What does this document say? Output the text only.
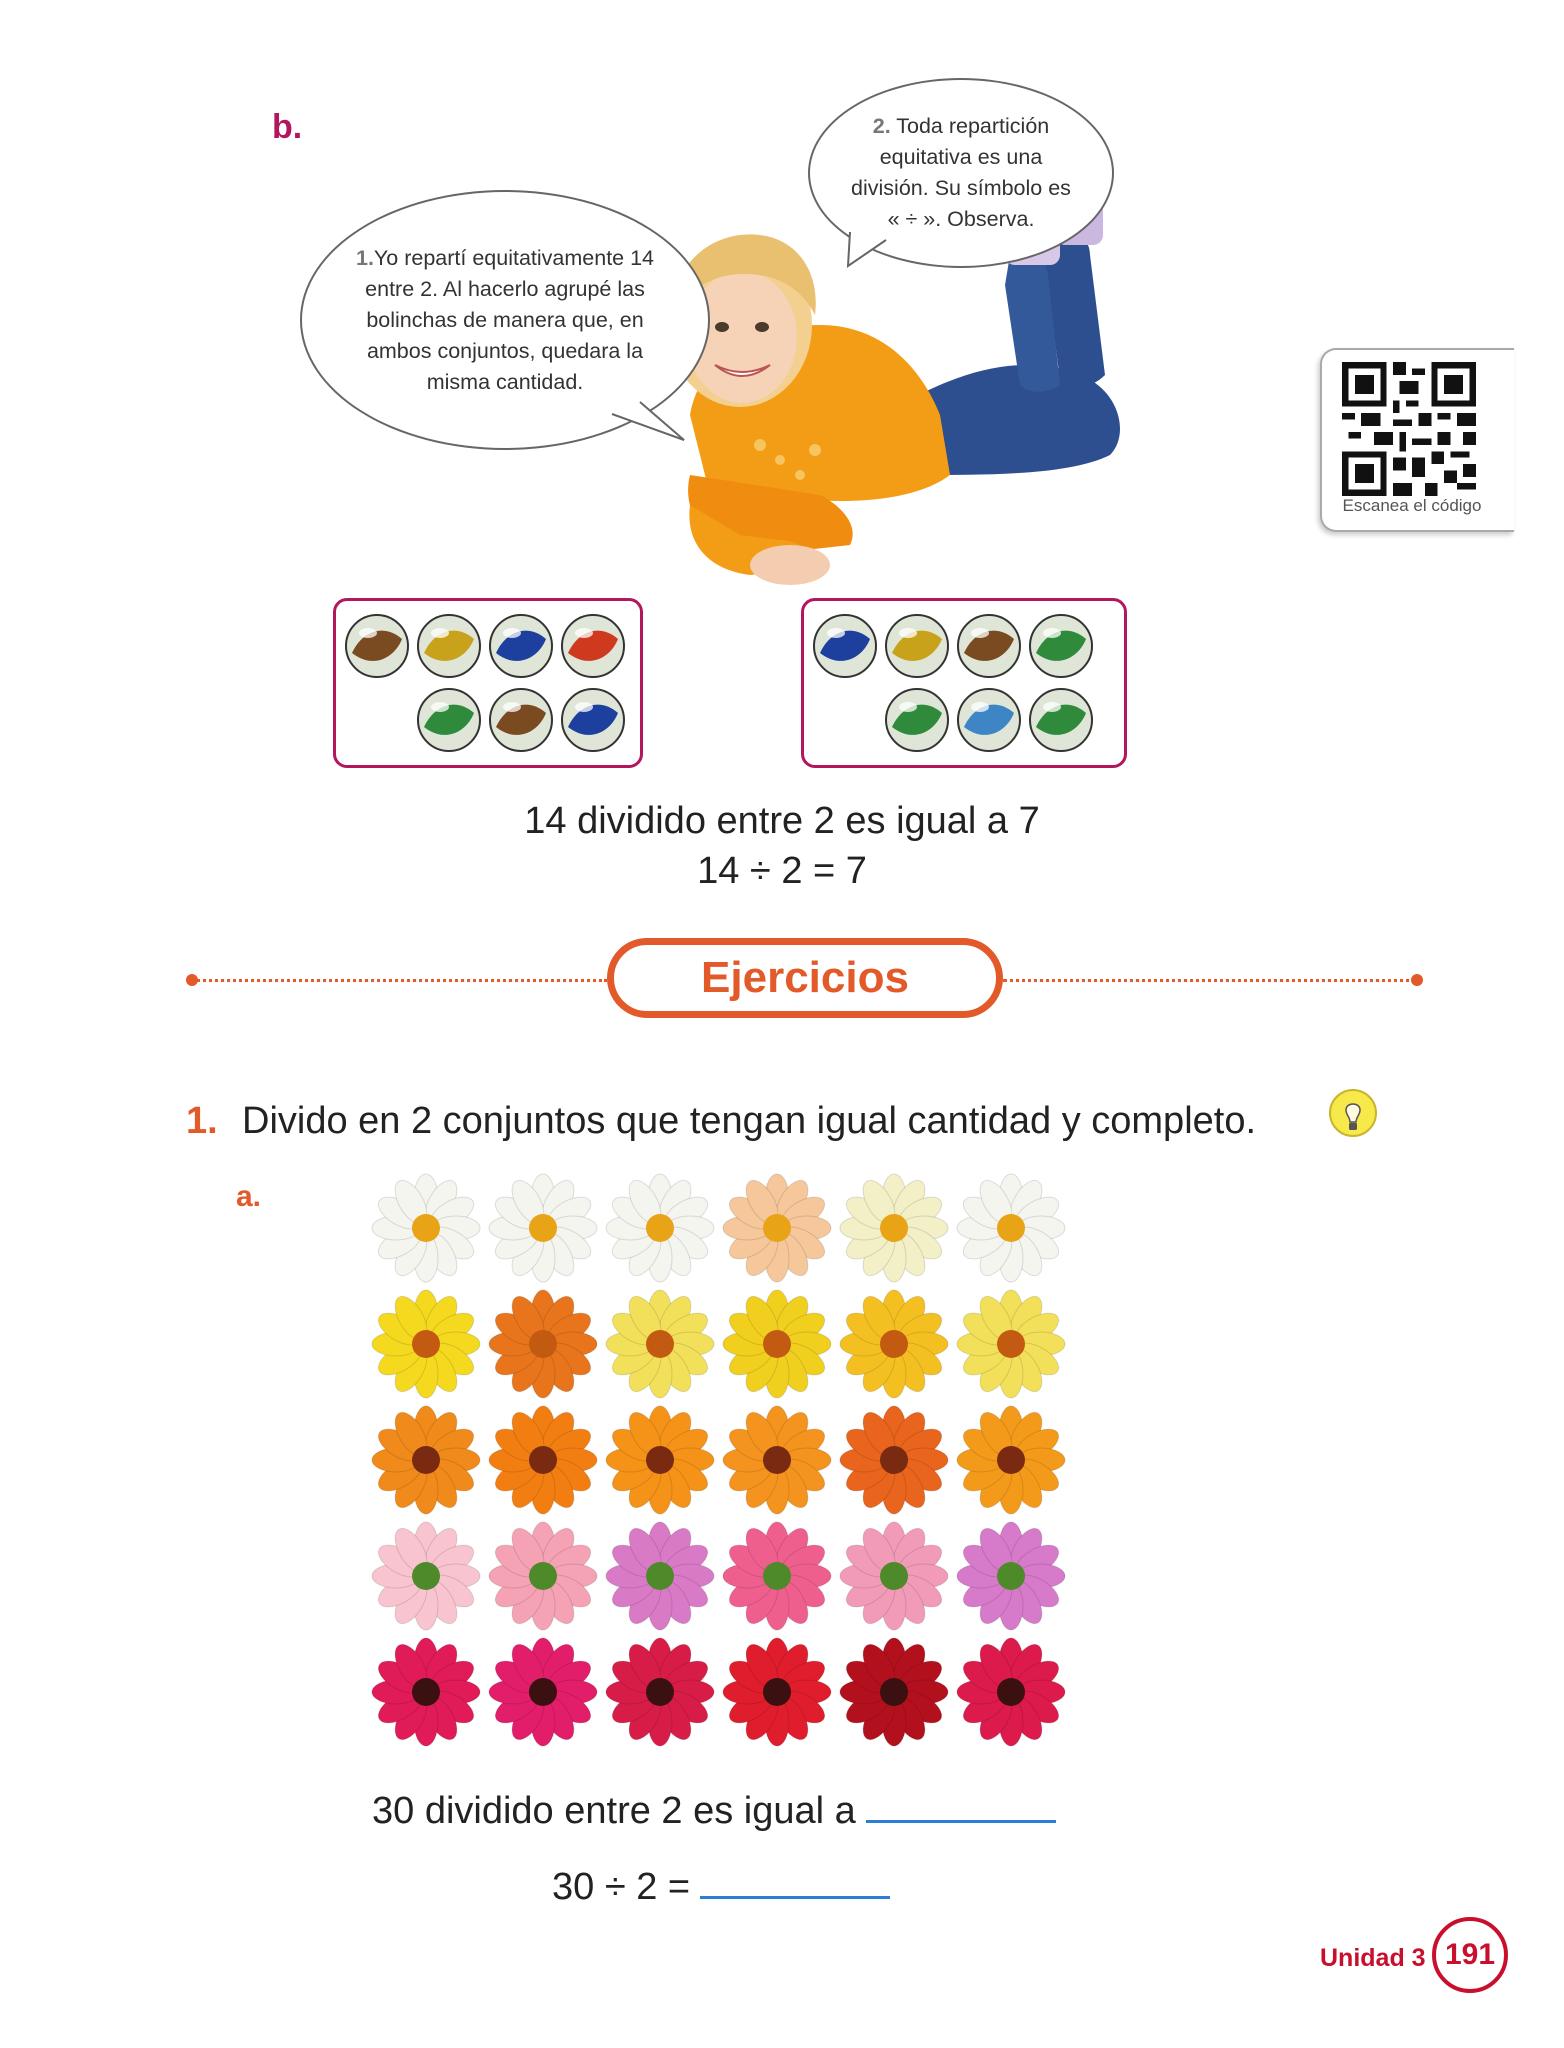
b.
1.Yo repartí equitativamente 14 entre 2. Al hacerlo agrupé las bolinchas de manera que, en ambos conjuntos, quedara la misma cantidad.
2. Toda repartición equitativa es una división. Su símbolo es « ÷ ». Observa.
Escanea el código
14 dividido entre 2 es igual a 7
14 ÷ 2 = 7
Ejercicios
1. Divido en 2 conjuntos que tengan igual cantidad y completo.
a.
30 dividido entre 2 es igual a
30 ÷ 2 =
Unidad 3 191
